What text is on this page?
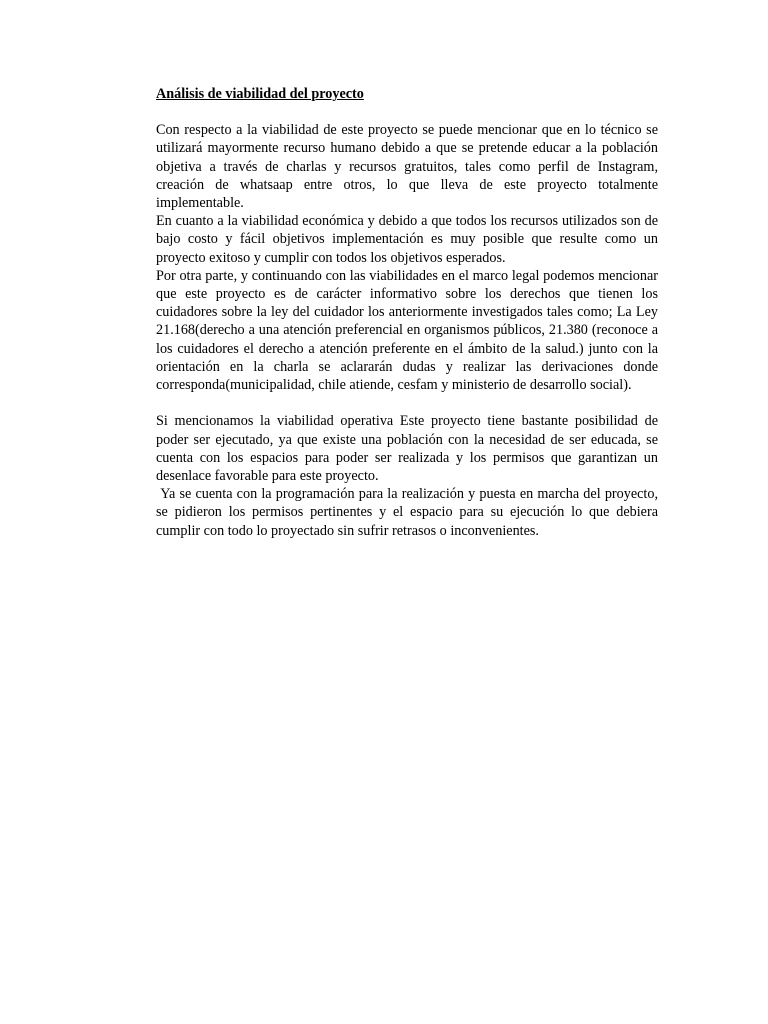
Análisis de viabilidad del proyecto

Con respecto a la viabilidad de este proyecto se puede mencionar que en lo técnico se utilizará mayormente recurso humano debido a que se pretende educar a la población objetiva a través de charlas y recursos gratuitos, tales como perfil de Instagram, creación de whatsaap entre otros, lo que lleva de este proyecto totalmente implementable.

En cuanto a la viabilidad económica y debido a que todos los recursos utilizados son de bajo costo y fácil objetivos implementación es muy posible que resulte como un proyecto exitoso y cumplir con todos los objetivos esperados.

Por otra parte, y continuando con las viabilidades en el marco legal podemos mencionar que este proyecto es de carácter informativo sobre los derechos que tienen los cuidadores sobre la ley del cuidador los anteriormente investigados tales como; La Ley 21.168(derecho a una atención preferencial en organismos públicos, 21.380 (reconoce a los cuidadores el derecho a atención preferente en el ámbito de la salud.) junto con la orientación en la charla se aclararán dudas y realizar las derivaciones donde corresponda(municipalidad, chile atiende, cesfam y ministerio de desarrollo social).

Si mencionamos la viabilidad operativa Este proyecto tiene bastante posibilidad de poder ser ejecutado, ya que existe una población con la necesidad de ser educada, se cuenta con los espacios para poder ser realizada y los permisos que garantizan un desenlace favorable para este proyecto.

Ya se cuenta con la programación para la realización y puesta en marcha del proyecto, se pidieron los permisos pertinentes y el espacio para su ejecución lo que debiera cumplir con todo lo proyectado sin sufrir retrasos o inconvenientes.
